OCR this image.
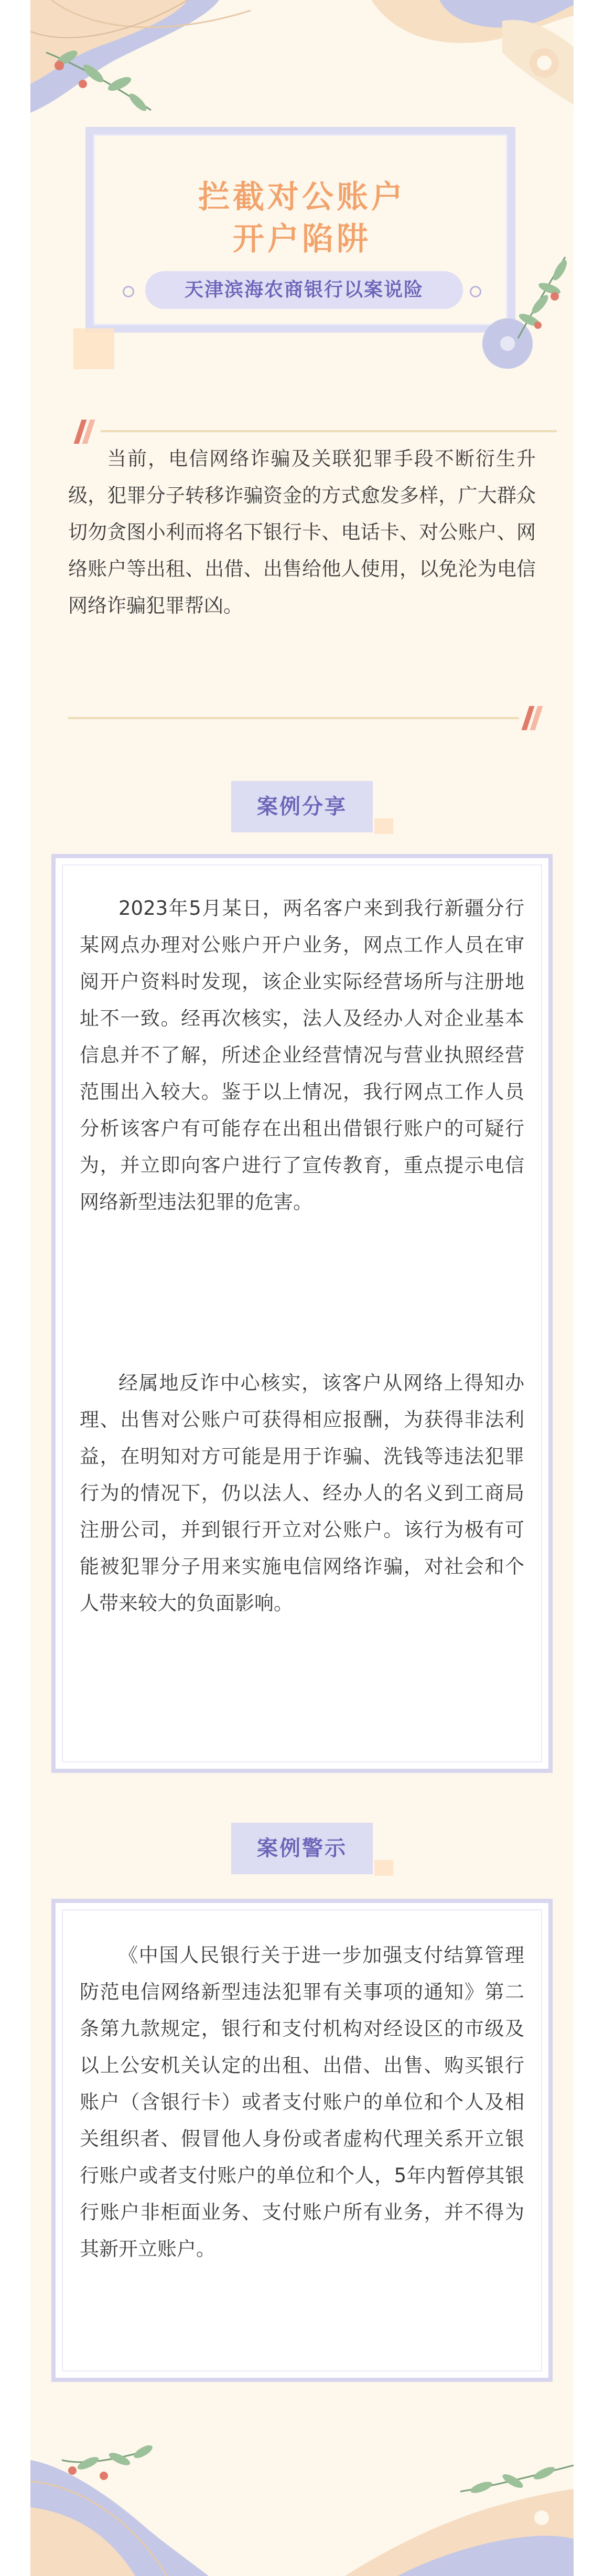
拦截对公账户
开户陷阱
天津滨海农商银行以案说险

当前，电信网络诈骗及关联犯罪手段不断衍生升级，犯罪分子转移诈骗资金的方式愈发多样，广大群众切勿贪图小利而将名下银行卡、电话卡、对公账户、网络账户等出租、出借、出售给他人使用，以免沦为电信网络诈骗犯罪帮凶。

案例分享

2023年5月某日，两名客户来到我行新疆分行某网点办理对公账户开户业务，网点工作人员在审阅开户资料时发现，该企业实际经营场所与注册地址不一致。经再次核实，法人及经办人对企业基本信息并不了解，所述企业经营情况与营业执照经营范围出入较大。鉴于以上情况，我行网点工作人员分析该客户有可能存在出租出借银行账户的可疑行为，并立即向客户进行了宣传教育，重点提示电信网络新型违法犯罪的危害。

经属地反诈中心核实，该客户从网络上得知办理、出售对公账户可获得相应报酬，为获得非法利益，在明知对方可能是用于诈骗、洗钱等违法犯罪行为的情况下，仍以法人、经办人的名义到工商局注册公司，并到银行开立对公账户。该行为极有可能被犯罪分子用来实施电信网络诈骗，对社会和个人带来较大的负面影响。

案例警示

《中国人民银行关于进一步加强支付结算管理防范电信网络新型违法犯罪有关事项的通知》第二条第九款规定，银行和支付机构对经设区的市级及以上公安机关认定的出租、出借、出售、购买银行账户（含银行卡）或者支付账户的单位和个人及相关组织者、假冒他人身份或者虚构代理关系开立银行账户或者支付账户的单位和个人，5年内暂停其银行账户非柜面业务、支付账户所有业务，并不得为其新开立账户。
